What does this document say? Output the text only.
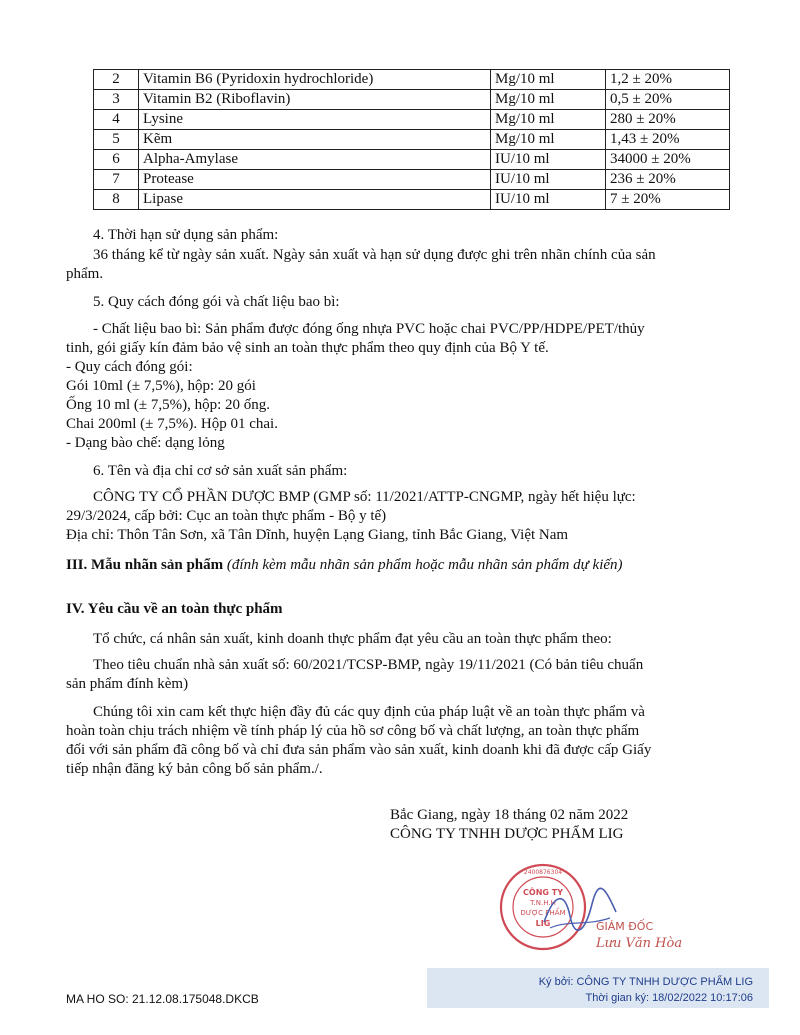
2	Vitamin B6 (Pyridoxin hydrochloride)	Mg/10 ml	1,2 ± 20%
3	Vitamin B2 (Riboflavin)	Mg/10 ml	0,5 ± 20%
4	Lysine	Mg/10 ml	280 ± 20%
5	Kẽm	Mg/10 ml	1,43 ± 20%
6	Alpha-Amylase	IU/10 ml	34000 ± 20%
7	Protease	IU/10 ml	236 ± 20%
8	Lipase	IU/10 ml	7 ± 20%
4. Thời hạn sử dụng sản phẩm:
36 tháng kể từ ngày sản xuất. Ngày sản xuất và hạn sử dụng được ghi trên nhãn chính của sản
phẩm.
5. Quy cách đóng gói và chất liệu bao bì:
- Chất liệu bao bì: Sản phẩm được đóng ống nhựa PVC hoặc chai PVC/PP/HDPE/PET/thủy
tinh, gói giấy kín đảm bảo vệ sinh an toàn thực phẩm theo quy định của Bộ Y tế.
- Quy cách đóng gói:
Gói 10ml (± 7,5%), hộp: 20 gói
Ống 10 ml (± 7,5%), hộp: 20 ống.
Chai 200ml (± 7,5%). Hộp 01 chai.
- Dạng bào chế: dạng lỏng
6. Tên và địa chỉ cơ sở sản xuất sản phẩm:
CÔNG TY CỔ PHẦN DƯỢC BMP (GMP số: 11/2021/ATTP-CNGMP, ngày hết hiệu lực:
29/3/2024, cấp bởi: Cục an toàn thực phẩm - Bộ y tế)
Địa chỉ: Thôn Tân Sơn, xã Tân Dĩnh, huyện Lạng Giang, tỉnh Bắc Giang, Việt Nam
III. Mẫu nhãn sản phẩm (đính kèm mẫu nhãn sản phẩm hoặc mẫu nhãn sản phẩm dự kiến)
IV. Yêu cầu về an toàn thực phẩm
Tổ chức, cá nhân sản xuất, kinh doanh thực phẩm đạt yêu cầu an toàn thực phẩm theo:
Theo tiêu chuẩn nhà sản xuất số: 60/2021/TCSP-BMP, ngày 19/11/2021 (Có bản tiêu chuẩn
sản phẩm đính kèm)
Chúng tôi xin cam kết thực hiện đầy đủ các quy định của pháp luật về an toàn thực phẩm và
hoàn toàn chịu trách nhiệm về tính pháp lý của hồ sơ công bố và chất lượng, an toàn thực phẩm
đối với sản phẩm đã công bố và chỉ đưa sản phẩm vào sản xuất, kinh doanh khi đã được cấp Giấy
tiếp nhận đăng ký bản công bố sản phẩm./.
Bắc Giang, ngày 18 tháng 02 năm 2022
CÔNG TY TNHH DƯỢC PHẨM LIG
CÔNG TY
T.N.H.H
DƯỢC PHẨM
LIG
2400876304
GIÁM ĐỐC
Lưu Văn Hòa
Ký bởi: CÔNG TY TNHH DƯỢC PHẨM LIG
Thời gian ký: 18/02/2022 10:17:06
MA HO SO: 21.12.08.175048.DKCB
